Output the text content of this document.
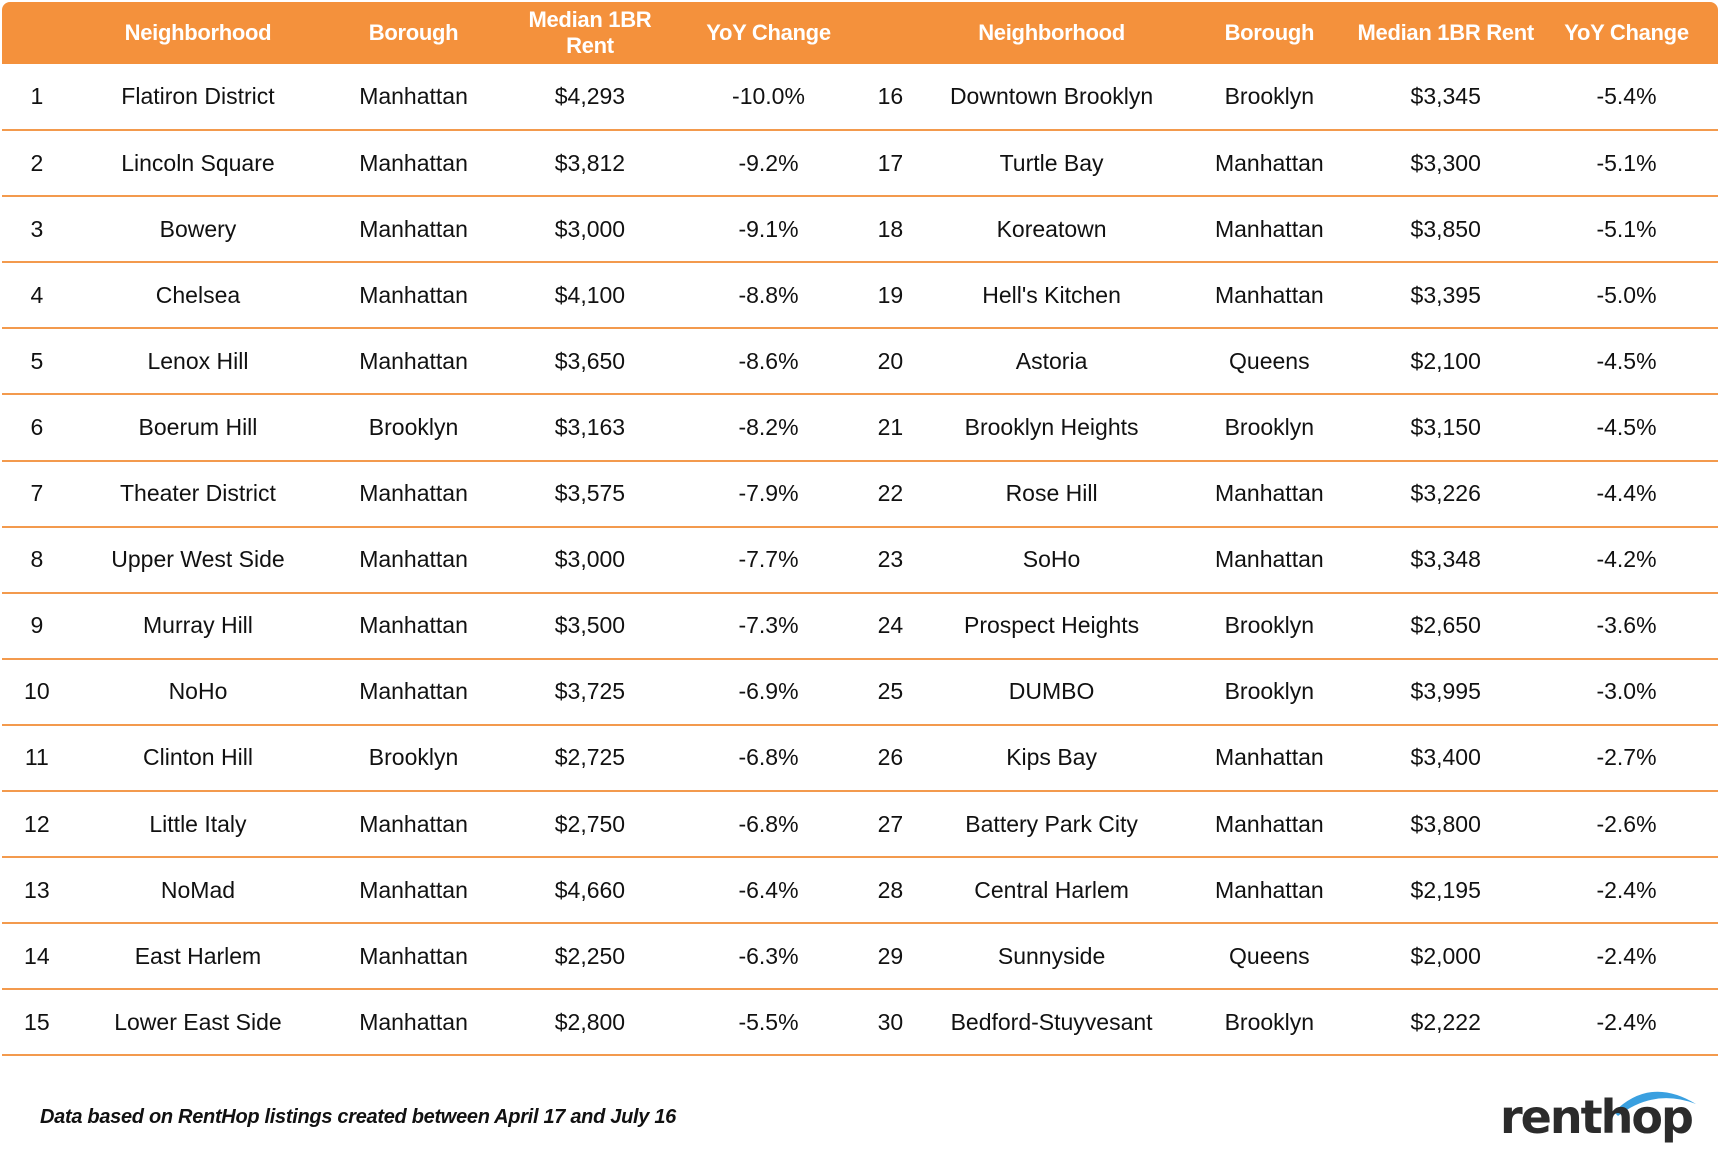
	Neighborhood	Borough	Median 1BR Rent	YoY Change		Neighborhood	Borough	Median 1BR Rent	YoY Change
1	Flatiron District	Manhattan	$4,293	-10.0%	16	Downtown Brooklyn	Brooklyn	$3,345	-5.4%
2	Lincoln Square	Manhattan	$3,812	-9.2%	17	Turtle Bay	Manhattan	$3,300	-5.1%
3	Bowery	Manhattan	$3,000	-9.1%	18	Koreatown	Manhattan	$3,850	-5.1%
4	Chelsea	Manhattan	$4,100	-8.8%	19	Hell's Kitchen	Manhattan	$3,395	-5.0%
5	Lenox Hill	Manhattan	$3,650	-8.6%	20	Astoria	Queens	$2,100	-4.5%
6	Boerum Hill	Brooklyn	$3,163	-8.2%	21	Brooklyn Heights	Brooklyn	$3,150	-4.5%
7	Theater District	Manhattan	$3,575	-7.9%	22	Rose Hill	Manhattan	$3,226	-4.4%
8	Upper West Side	Manhattan	$3,000	-7.7%	23	SoHo	Manhattan	$3,348	-4.2%
9	Murray Hill	Manhattan	$3,500	-7.3%	24	Prospect Heights	Brooklyn	$2,650	-3.6%
10	NoHo	Manhattan	$3,725	-6.9%	25	DUMBO	Brooklyn	$3,995	-3.0%
11	Clinton Hill	Brooklyn	$2,725	-6.8%	26	Kips Bay	Manhattan	$3,400	-2.7%
12	Little Italy	Manhattan	$2,750	-6.8%	27	Battery Park City	Manhattan	$3,800	-2.6%
13	NoMad	Manhattan	$4,660	-6.4%	28	Central Harlem	Manhattan	$2,195	-2.4%
14	East Harlem	Manhattan	$2,250	-6.3%	29	Sunnyside	Queens	$2,000	-2.4%
15	Lower East Side	Manhattan	$2,800	-5.5%	30	Bedford-Stuyvesant	Brooklyn	$2,222	-2.4%
Data based on RentHop listings created between April 17 and July 16	renthop
